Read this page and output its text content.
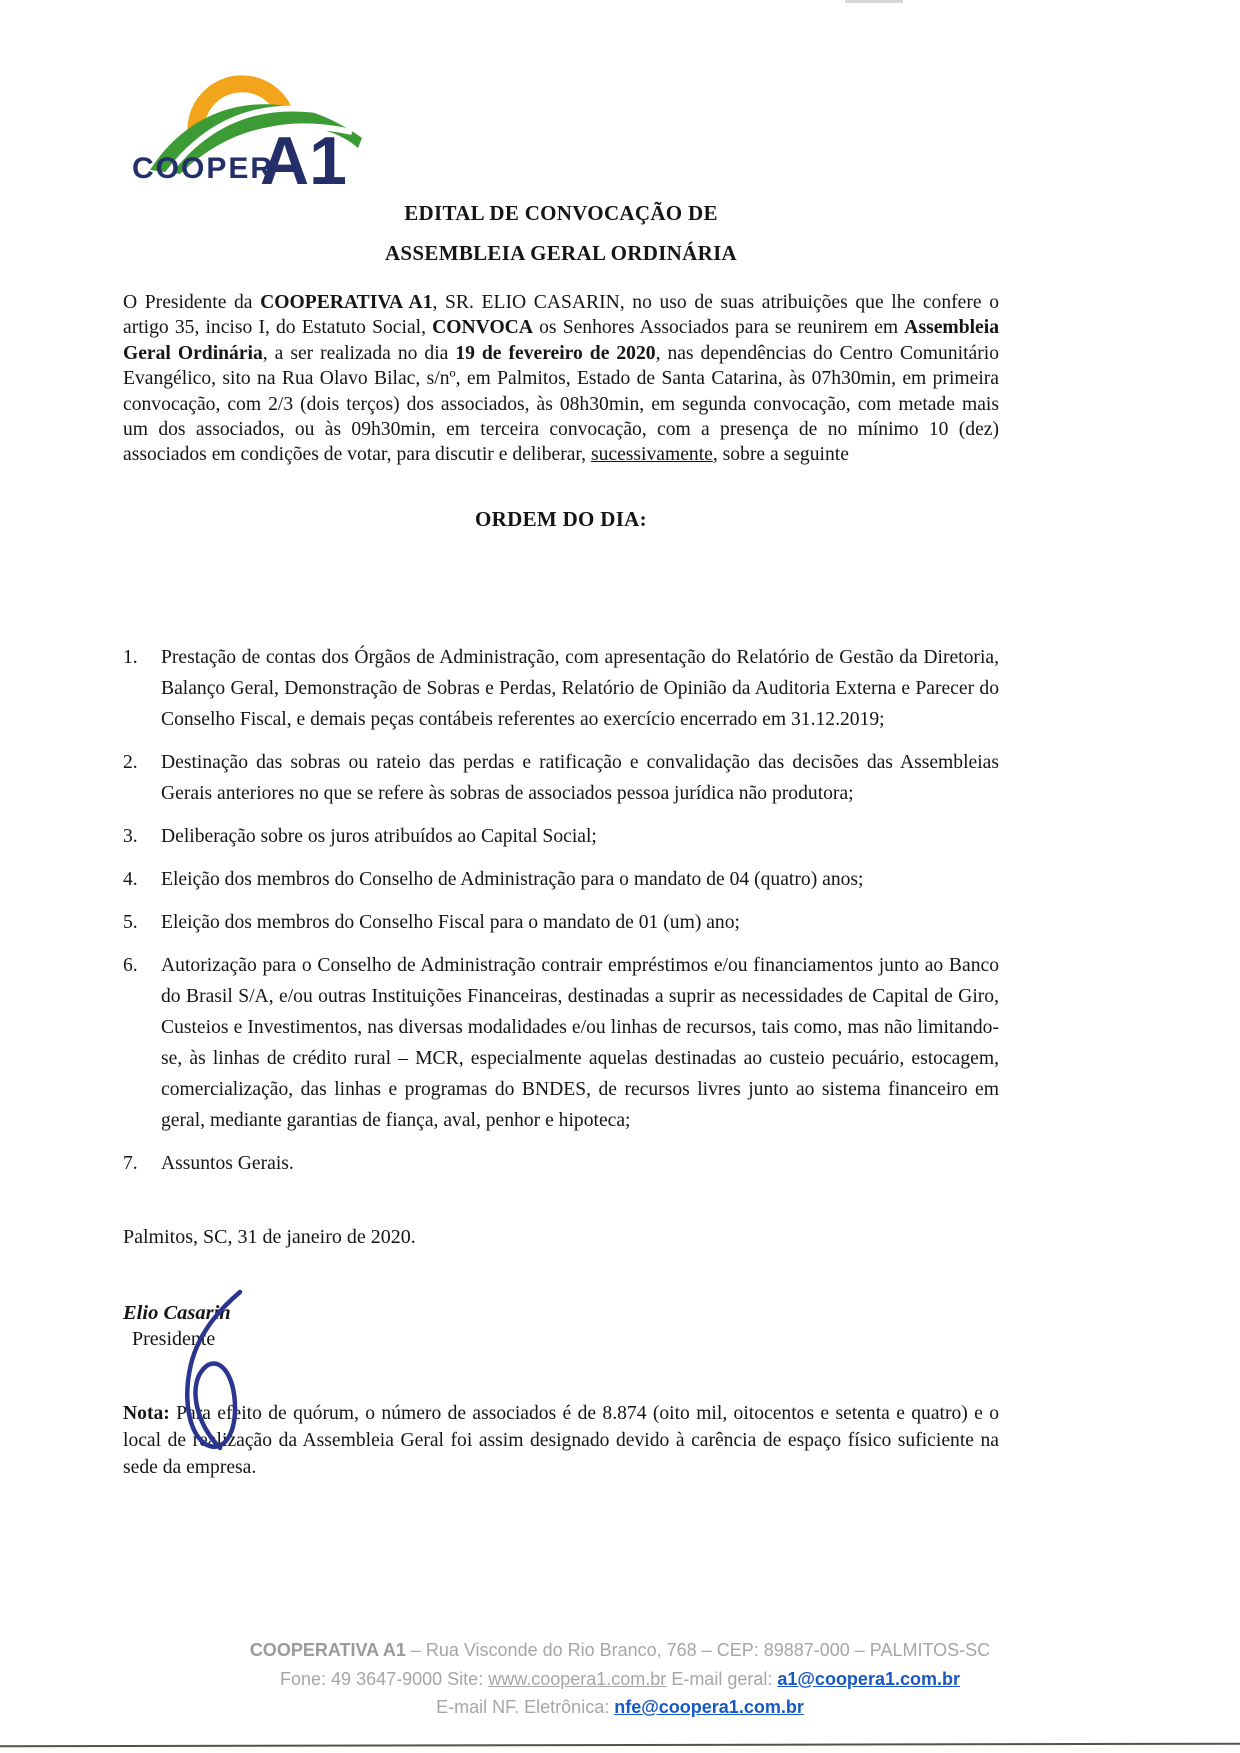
COOPER
A1
EDITAL DE CONVOCAÇÃO DE
ASSEMBLEIA GERAL ORDINÁRIA

O Presidente da COOPERATIVA A1, SR. ELIO CASARIN, no uso de suas atribuições que lhe confere o artigo 35, inciso I, do Estatuto Social, CONVOCA os Senhores Associados para se reunirem em Assembleia Geral Ordinária, a ser realizada no dia 19 de fevereiro de 2020, nas dependências do Centro Comunitário Evangélico, sito na Rua Olavo Bilac, s/nº, em Palmitos, Estado de Santa Catarina, às 07h30min, em primeira convocação, com 2/3 (dois terços) dos associados, às 08h30min, em segunda convocação, com metade mais um dos associados, ou às 09h30min, em terceira convocação, com a presença de no mínimo 10 (dez) associados em condições de votar, para discutir e deliberar, sucessivamente, sobre a seguinte

ORDEM DO DIA:
1.	Prestação de contas dos Órgãos de Administração, com apresentação do Relatório de Gestão da Diretoria, Balanço Geral, Demonstração de Sobras e Perdas, Relatório de Opinião da Auditoria Externa e Parecer do Conselho Fiscal, e demais peças contábeis referentes ao exercício encerrado em 31.12.2019;
2.	Destinação das sobras ou rateio das perdas e ratificação e convalidação das decisões das Assembleias Gerais anteriores no que se refere às sobras de associados pessoa jurídica não produtora;
3.	Deliberação sobre os juros atribuídos ao Capital Social;
4.	Eleição dos membros do Conselho de Administração para o mandato de 04 (quatro) anos;
5.	Eleição dos membros do Conselho Fiscal para o mandato de 01 (um) ano;
6.	Autorização para o Conselho de Administração contrair empréstimos e/ou financiamentos junto ao Banco do Brasil S/A, e/ou outras Instituições Financeiras, destinadas a suprir as necessidades de Capital de Giro, Custeios e Investimentos, nas diversas modalidades e/ou linhas de recursos, tais como, mas não limitando-se, às linhas de crédito rural – MCR, especialmente aquelas destinadas ao custeio pecuário, estocagem, comercialização, das linhas e programas do BNDES, de recursos livres junto ao sistema financeiro em geral, mediante garantias de fiança, aval, penhor e hipoteca;
7.	Assuntos Gerais.
Palmitos, SC, 31 de janeiro de 2020.
Elio Casarin
Presidente

Nota: Para efeito de quórum, o número de associados é de 8.874 (oito mil, oitocentos e setenta e quatro) e o local de realização da Assembleia Geral foi assim designado devido à carência de espaço físico suficiente na sede da empresa.

COOPERATIVA A1 – Rua Visconde do Rio Branco, 768 – CEP: 89887-000 – PALMITOS-SC
Fone: 49 3647-9000 Site: www.coopera1.com.br E-mail geral: a1@coopera1.com.br
E-mail NF. Eletrônica: nfe@coopera1.com.br
